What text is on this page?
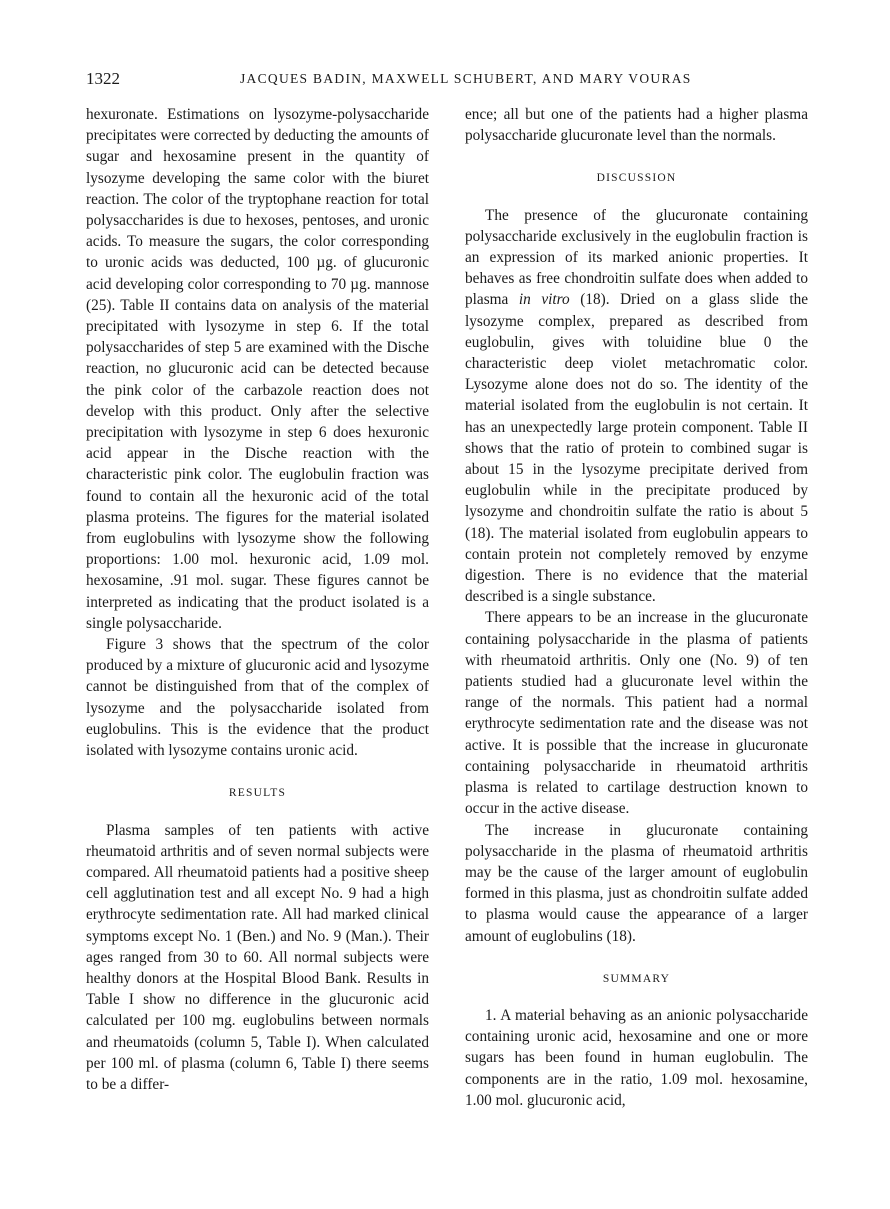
1322	JACQUES BADIN, MAXWELL SCHUBERT, AND MARY VOURAS

hexuronate. Estimations on lysozyme-polysaccharide precipitates were corrected by deducting the amounts of sugar and hexosamine present in the quantity of lysozyme developing the same color with the biuret reaction. The color of the tryptophane reaction for total polysaccharides is due to hexoses, pentoses, and uronic acids. To measure the sugars, the color corresponding to uronic acids was deducted, 100 µg. of glucuronic acid developing color corresponding to 70 µg. mannose (25). Table II contains data on analysis of the material precipitated with lysozyme in step 6. If the total polysaccharides of step 5 are examined with the Dische reaction, no glucuronic acid can be detected because the pink color of the carbazole reaction does not develop with this product. Only after the selective precipitation with lysozyme in step 6 does hexuronic acid appear in the Dische reaction with the characteristic pink color. The euglobulin fraction was found to contain all the hexuronic acid of the total plasma proteins. The figures for the material isolated from euglobulins with lysozyme show the following proportions: 1.00 mol. hexuronic acid, 1.09 mol. hexosamine, .91 mol. sugar. These figures cannot be interpreted as indicating that the product isolated is a single polysaccharide.

Figure 3 shows that the spectrum of the color produced by a mixture of glucuronic acid and lysozyme cannot be distinguished from that of the complex of lysozyme and the polysaccharide isolated from euglobulins. This is the evidence that the product isolated with lysozyme contains uronic acid.

RESULTS

Plasma samples of ten patients with active rheumatoid arthritis and of seven normal subjects were compared. All rheumatoid patients had a positive sheep cell agglutination test and all except No. 9 had a high erythrocyte sedimentation rate. All had marked clinical symptoms except No. 1 (Ben.) and No. 9 (Man.). Their ages ranged from 30 to 60. All normal subjects were healthy donors at the Hospital Blood Bank. Results in Table I show no difference in the glucuronic acid calculated per 100 mg. euglobulins between normals and rheumatoids (column 5, Table I). When calculated per 100 ml. of plasma (column 6, Table I) there seems to be a differ-

ence; all but one of the patients had a higher plasma polysaccharide glucuronate level than the normals.

DISCUSSION

The presence of the glucuronate containing polysaccharide exclusively in the euglobulin fraction is an expression of its marked anionic properties. It behaves as free chondroitin sulfate does when added to plasma in vitro (18). Dried on a glass slide the lysozyme complex, prepared as described from euglobulin, gives with toluidine blue 0 the characteristic deep violet metachromatic color. Lysozyme alone does not do so. The identity of the material isolated from the euglobulin is not certain. It has an unexpectedly large protein component. Table II shows that the ratio of protein to combined sugar is about 15 in the lysozyme precipitate derived from euglobulin while in the precipitate produced by lysozyme and chondroitin sulfate the ratio is about 5 (18). The material isolated from euglobulin appears to contain protein not completely removed by enzyme digestion. There is no evidence that the material described is a single substance.

There appears to be an increase in the glucuronate containing polysaccharide in the plasma of patients with rheumatoid arthritis. Only one (No. 9) of ten patients studied had a glucuronate level within the range of the normals. This patient had a normal erythrocyte sedimentation rate and the disease was not active. It is possible that the increase in glucuronate containing polysaccharide in rheumatoid arthritis plasma is related to cartilage destruction known to occur in the active disease.

The increase in glucuronate containing polysaccharide in the plasma of rheumatoid arthritis may be the cause of the larger amount of euglobulin formed in this plasma, just as chondroitin sulfate added to plasma would cause the appearance of a larger amount of euglobulins (18).

SUMMARY

1. A material behaving as an anionic polysaccharide containing uronic acid, hexosamine and one or more sugars has been found in human euglobulin. The components are in the ratio, 1.09 mol. hexosamine, 1.00 mol. glucuronic acid,
